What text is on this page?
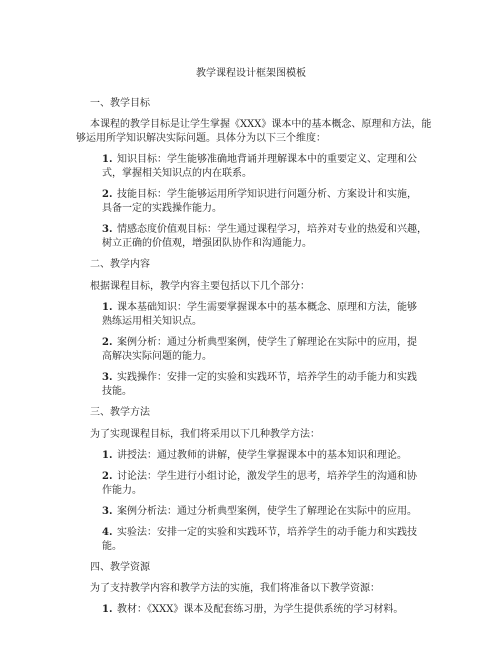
教学课程设计框架图模板
一、教学目标
本课程的教学目标是让学生掌握《XXX》课本中的基本概念、原理和方法，能
够运用所学知识解决实际问题。具体分为以下三个维度：
1. 知识目标：学生能够准确地背诵并理解课本中的重要定义、定理和公
式，掌握相关知识点的内在联系。
2. 技能目标：学生能够运用所学知识进行问题分析、方案设计和实施，
具备一定的实践操作能力。
3. 情感态度价值观目标：学生通过课程学习，培养对专业的热爱和兴趣，
树立正确的价值观，增强团队协作和沟通能力。
二、教学内容
根据课程目标，教学内容主要包括以下几个部分：
1. 课本基础知识：学生需要掌握课本中的基本概念、原理和方法，能够
熟练运用相关知识点。
2. 案例分析：通过分析典型案例，使学生了解理论在实际中的应用，提
高解决实际问题的能力。
3. 实践操作：安排一定的实验和实践环节，培养学生的动手能力和实践
技能。
三、教学方法
为了实现课程目标，我们将采用以下几种教学方法：
1. 讲授法：通过教师的讲解，使学生掌握课本中的基本知识和理论。
2. 讨论法：学生进行小组讨论，激发学生的思考，培养学生的沟通和协
作能力。
3. 案例分析法：通过分析典型案例，使学生了解理论在实际中的应用。
4. 实验法：安排一定的实验和实践环节，培养学生的动手能力和实践技
能。
四、教学资源
为了支持教学内容和教学方法的实施，我们将准备以下教学资源：
1. 教材：《XXX》课本及配套练习册，为学生提供系统的学习材料。
